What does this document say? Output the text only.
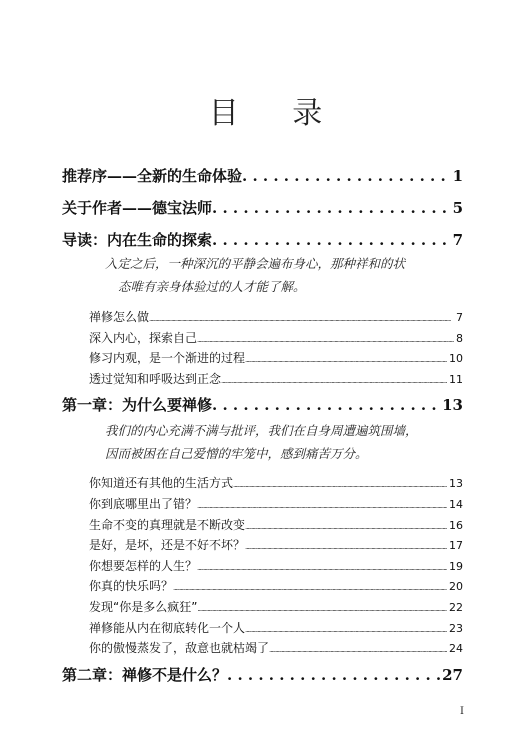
目 录
推荐序——全新的生命体验 . . .	1
关于作者——德宝法师 . . .	5
导读：内在生命的探索 . . .	7
入定之后，一种深沉的平静会遍布身心，那种祥和的状
态唯有亲身体验过的人才能了解。
禅修怎么做 .....	7
深入内心，探索自己 .....	8
修习内观，是一个渐进的过程 .....	10
透过觉知和呼吸达到正念 .....	11
第一章：为什么要禅修 . . .	13
我们的内心充满不满与批评，我们在自身周遭遍筑围墙，
因而被困在自己爱憎的牢笼中，感到痛苦万分。
你知道还有其他的生活方式 .....	13
你到底哪里出了错？ .....	14
生命不变的真理就是不断改变 .....	16
是好，是坏，还是不好不坏？ .....	17
你想要怎样的人生？ .....	19
你真的快乐吗？ .....	20
发现“你是多么疯狂” .....	22
禅修能从内在彻底转化一个人 .....	23
你的傲慢蒸发了，敌意也就枯竭了 .....	24
第二章：禅修不是什么？ . . .	27
I
